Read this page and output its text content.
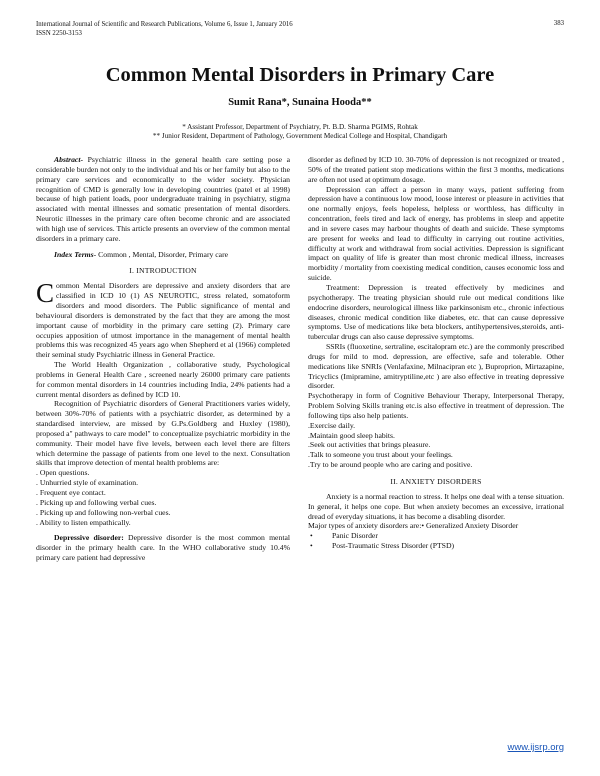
International Journal of Scientific and Research Publications, Volume 6, Issue 1, January 2016
ISSN 2250-3153
383
Common Mental Disorders in Primary Care
Sumit Rana*, Sunaina Hooda**
* Assistant Professor, Department of Psychiatry, Pt. B.D. Sharma PGIMS, Rohtak
** Junior Resident, Department of Pathology, Government Medical College and Hospital, Chandigarh

Abstract- Psychiatric illness in the general health care setting pose a considerable burden not only to the individual and his or her family but also to the primary care services and economically to the wider society. Physician recognition of CMD is generally low in developing countries (patel et al 1998) because of high patient loads, poor undergraduate training in psychiatry, stigma associated with mental illnesses and somatic presentation of mental disorders. Neurotic illnesses in the primary care often become chronic and are associated with high use of services. This article presents an overview of the common mental disorders in a primary care.

Index Terms- Common , Mental, Disorder, Primary care

I. INTRODUCTION

Common Mental Disorders are depressive and anxiety disorders that are classified in ICD 10 (1) AS NEUROTIC, stress related, somatoform disorders and mood disorders. The Public significance of mental and behavioural disorders is demonstrated by the fact that they are among the most important cause of morbidity in the primary care setting (2). Primary care occupies apposition of utmost importance in the management of mental health problems this was recognized 45 years ago when Shepherd et al (1966) completed their seminal study Psychiatric illness in General Practice.

The World Health Organization , collaborative study, Psychological problems in General Health Care , screened nearly 26000 primary care patients for common mental disorders in 14 countries including India, 24% patients had a current mental disorders as defined by ICD 10.

Recognition of Psychiatric disorders of General Practitioners varies widely, between 30%-70% of patients with a psychiatric disorder, as determined by a standardised interview, are missed by G.Ps.Goldberg and Huxley (1980), proposed a" pathways to care model" to conceptualize psychiatric morbidity in the community. Their model have five levels, between each level there are filters which determine the passage of patients from one level to the next. Consultation skills that improve detection of mental health problems are:

. Open questions.
. Unhurried style of examination.
. Frequent eye contact.
. Picking up and following verbal cues.
. Picking up and following non-verbal cues.
. Ability to listen empathically.

Depressive disorder: Depressive disorder is the most common mental disorder in the primary health care. In the WHO collaborative study 10.4% primary care patient had depressive

disorder as defined by ICD 10. 30-70% of depression is not recognized or treated , 50% of the treated patient stop medications within the first 3 months, medications are often not used at optimum dosage.

Depression can affect a person in many ways, patient suffering from depression have a continuous low mood, loose interest or pleasure in activities that one normally enjoys, feels hopeless, helpless or worthless, has difficulty in concentration, feels tired and lack of energy, has problems in sleep and appetite and in severe cases may harbour thoughts of death and suicide. These symptoms are present for weeks and lead to difficulty in carrying out routine activities, difficulty at work and withdrawal from social activities. Depression is significant impact on quality of life is greater than most chronic medical illness, increases morbidity / mortality from coexisting medical condition, causes economic loss and suicide.

Treatment: Depression is treated effectively by medicines and psychotherapy. The treating physician should rule out medical conditions like endocrine disorders, neurological illness like parkinsonism etc., chronic infectious diseases, chronic medical condition like diabetes, etc. that can cause depressive symptoms. Use of medications like beta blockers, antihypertensives,steroids, anti-tubercular drugs can also cause depressive symptoms.

SSRIs (fluoxetine, sertraline, escitalopram etc.) are the commonly prescribed drugs for mild to mod. depression, are effective, safe and tolerable. Other medications like SNRIs (Venlafaxine, Milnacipran etc ), Buproprion, Mirtazapine, Tricyclics (Imipramine, amitryptiline,etc ) are also effective in treating depressive disorder.

Psychotherapy in form of Cognitive Behaviour Therapy, Interpersonal Therapy, Problem Solving Skills traning etc.is also effective in treatment of depression. The following tips also help patients.

.Exercise daily.
.Maintain good sleep habits.
.Seek out activities that brings pleasure.
.Talk to someone you trust about your feelings.
.Try to be around people who are caring and positive.
II. ANXIETY DISORDERS

Anxiety is a normal reaction to stress. It helps one deal with a tense situation. In general, it helps one cope. But when anxiety becomes an excessive, irrational dread of everyday situations, it has become a disabling disorder.

Major types of anxiety disorders are:• Generalized Anxiety Disorder

•	Panic Disorder
•	Post-Traumatic Stress Disorder (PTSD)
www.ijsrp.org
